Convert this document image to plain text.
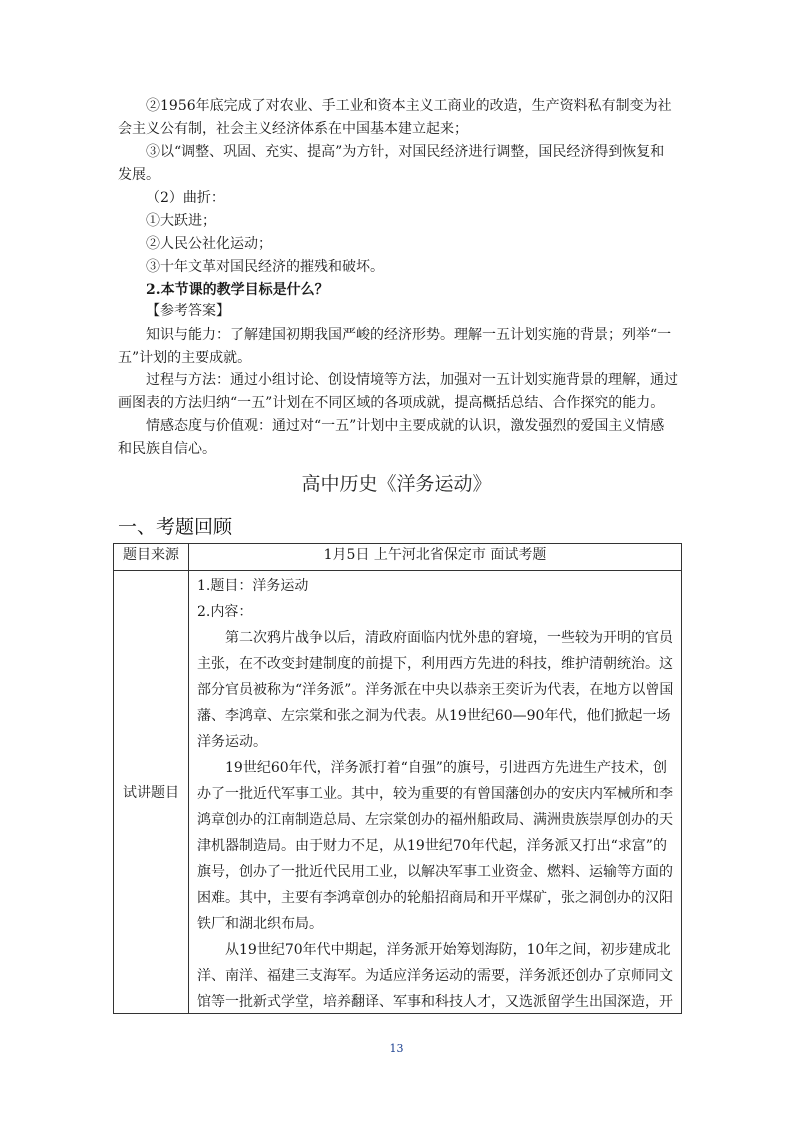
②1956年底完成了对农业、手工业和资本主义工商业的改造，生产资料私有制变为社会主义公有制，社会主义经济体系在中国基本建立起来；

③以“调整、巩固、充实、提高”为方针，对国民经济进行调整，国民经济得到恢复和发展。

（2）曲折：

①大跃进；

②人民公社化运动；

③十年文革对国民经济的摧残和破坏。

2.本节课的教学目标是什么？

【参考答案】

知识与能力：了解建国初期我国严峻的经济形势。理解一五计划实施的背景；列举“一五”计划的主要成就。

过程与方法：通过小组讨论、创设情境等方法，加强对一五计划实施背景的理解，通过画图表的方法归纳“一五”计划在不同区域的各项成就，提高概括总结、合作探究的能力。

情感态度与价值观：通过对“一五”计划中主要成就的认识，激发强烈的爱国主义情感和民族自信心。

高中历史《洋务运动》
一、考题回顾
题目来源	1月5日 上午河北省保定市 面试考题
试讲题目	1.题目：洋务运动

2.内容：

第二次鸦片战争以后，清政府面临内忧外患的窘境，一些较为开明的官员主张，在不改变封建制度的前提下，利用西方先进的科技，维护清朝统治。这部分官员被称为“洋务派”。洋务派在中央以恭亲王奕䜣为代表，在地方以曾国藩、李鸿章、左宗棠和张之洞为代表。从19世纪60—90年代，他们掀起一场洋务运动。

19世纪60年代，洋务派打着“自强”的旗号，引进西方先进生产技术，创办了一批近代军事工业。其中，较为重要的有曾国藩创办的安庆内军械所和李鸿章创办的江南制造总局、左宗棠创办的福州船政局、满洲贵族崇厚创办的天津机器制造局。由于财力不足，从19世纪70年代起，洋务派又打出“求富”的旗号，创办了一批近代民用工业，以解决军事工业资金、燃料、运输等方面的困难。其中，主要有李鸿章创办的轮船招商局和开平煤矿，张之洞创办的汉阳铁厂和湖北织布局。

从19世纪70年代中期起，洋务派开始筹划海防，10年之间，初步建成北洋、南洋、福建三支海军。为适应洋务运动的需要，洋务派还创办了京师同文馆等一批新式学堂，培养翻译、军事和科技人才，又选派留学生出国深造，开

13
